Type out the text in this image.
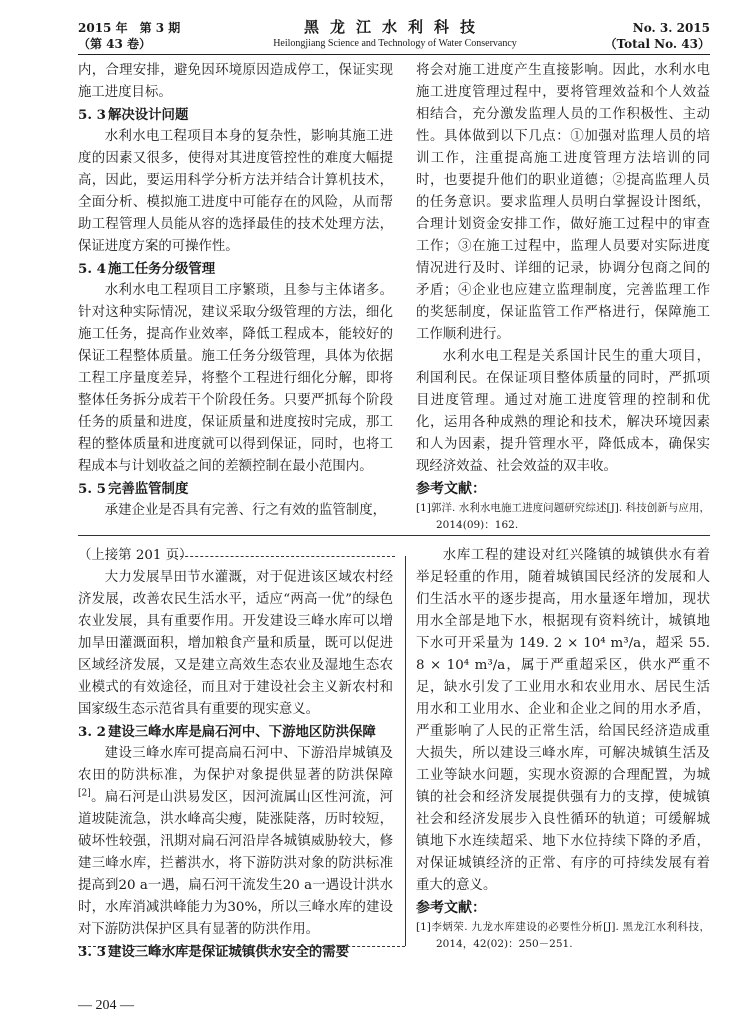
2015 年　第 3 期
（第 43 卷）
黑龙江水利科技
Heilongjiang Science and Technology of Water Conservancy
No. 3. 2015
（Total No. 43）

内，合理安排，避免因环境原因造成停工，保证实现施工进度目标。

5. 3 解决设计问题

水利水电工程项目本身的复杂性，影响其施工进度的因素又很多，使得对其进度管控性的难度大幅提高，因此，要运用科学分析方法并结合计算机技术，全面分析、模拟施工进度中可能存在的风险，从而帮助工程管理人员能从容的选择最佳的技术处理方法，保证进度方案的可操作性。

5. 4 施工任务分级管理

水利水电工程项目工序繁琐，且参与主体诸多。针对这种实际情况，建议采取分级管理的方法，细化施工任务，提高作业效率，降低工程成本，能较好的保证工程整体质量。施工任务分级管理，具体为依据工程工序量度差异，将整个工程进行细化分解，即将整体任务拆分成若干个阶段任务。只要严抓每个阶段任务的质量和进度，保证质量和进度按时完成，那工程的整体质量和进度就可以得到保证，同时，也将工程成本与计划收益之间的差额控制在最小范围内。

5. 5 完善监管制度

承建企业是否具有完善、行之有效的监管制度，

将会对施工进度产生直接影响。因此，水利水电施工进度管理过程中，要将管理效益和个人效益相结合，充分激发监理人员的工作积极性、主动性。具体做到以下几点：①加强对监理人员的培训工作，注重提高施工进度管理方法培训的同时，也要提升他们的职业道德；②提高监理人员的任务意识。要求监理人员明白掌握设计图纸，合理计划资金安排工作，做好施工过程中的审查工作；③在施工过程中，监理人员要对实际进度情况进行及时、详细的记录，协调分包商之间的矛盾；④企业也应建立监理制度，完善监理工作的奖惩制度，保证监管工作严格进行，保障施工工作顺利进行。

水利水电工程是关系国计民生的重大项目，利国利民。在保证项目整体质量的同时，严抓项目进度管理。通过对施工进度管理的控制和优化，运用各种成熟的理论和技术，解决环境因素和人为因素，提升管理水平，降低成本，确保实现经济效益、社会效益的双丰收。

参考文献：

[1]郭洋. 水利水电施工进度问题研究综述[J]. 科技创新与应用，2014(09)：162.

（上接第 201 页）

大力发展旱田节水灌溉，对于促进该区域农村经济发展，改善农民生活水平，适应“两高一优”的绿色农业发展，具有重要作用。开发建设三峰水库可以增加旱田灌溉面积，增加粮食产量和质量，既可以促进区域经济发展，又是建立高效生态农业及湿地生态农业模式的有效途径，而且对于建设社会主义新农村和国家级生态示范省具有重要的现实意义。

3. 2 建设三峰水库是扁石河中、下游地区防洪保障

建设三峰水库可提高扁石河中、下游沿岸城镇及农田的防洪标准，为保护对象提供显著的防洪保障[2]。扁石河是山洪易发区，因河流属山区性河流，河道坡陡流急，洪水峰高尖瘦，陡涨陡落，历时较短，破坏性较强，汛期对扁石河沿岸各城镇威胁较大，修建三峰水库，拦蓄洪水，将下游防洪对象的防洪标准提高到20 a一遇，扁石河干流发生20 a一遇设计洪水时，水库消减洪峰能力为30%，所以三峰水库的建设对下游防洪保护区具有显著的防洪作用。

3. 3 建设三峰水库是保证城镇供水安全的需要

水库工程的建设对红兴隆镇的城镇供水有着举足轻重的作用，随着城镇国民经济的发展和人们生活水平的逐步提高，用水量逐年增加，现状用水全部是地下水，根据现有资料统计，城镇地下水可开采量为 149. 2 × 10⁴ m³/a，超采 55. 8 × 10⁴ m³/a，属于严重超采区，供水严重不足，缺水引发了工业用水和农业用水、居民生活用水和工业用水、企业和企业之间的用水矛盾，严重影响了人民的正常生活，给国民经济造成重大损失，所以建设三峰水库，可解决城镇生活及工业等缺水问题，实现水资源的合理配置，为城镇的社会和经济发展提供强有力的支撑，使城镇社会和经济发展步入良性循环的轨道；可缓解城镇地下水连续超采、地下水位持续下降的矛盾，对保证城镇经济的正常、有序的可持续发展有着重大的意义。

参考文献：

[1]李炳荣. 九龙水库建设的必要性分析[J]. 黑龙江水利科技，2014，42(02)：250－251.

— 204 —
